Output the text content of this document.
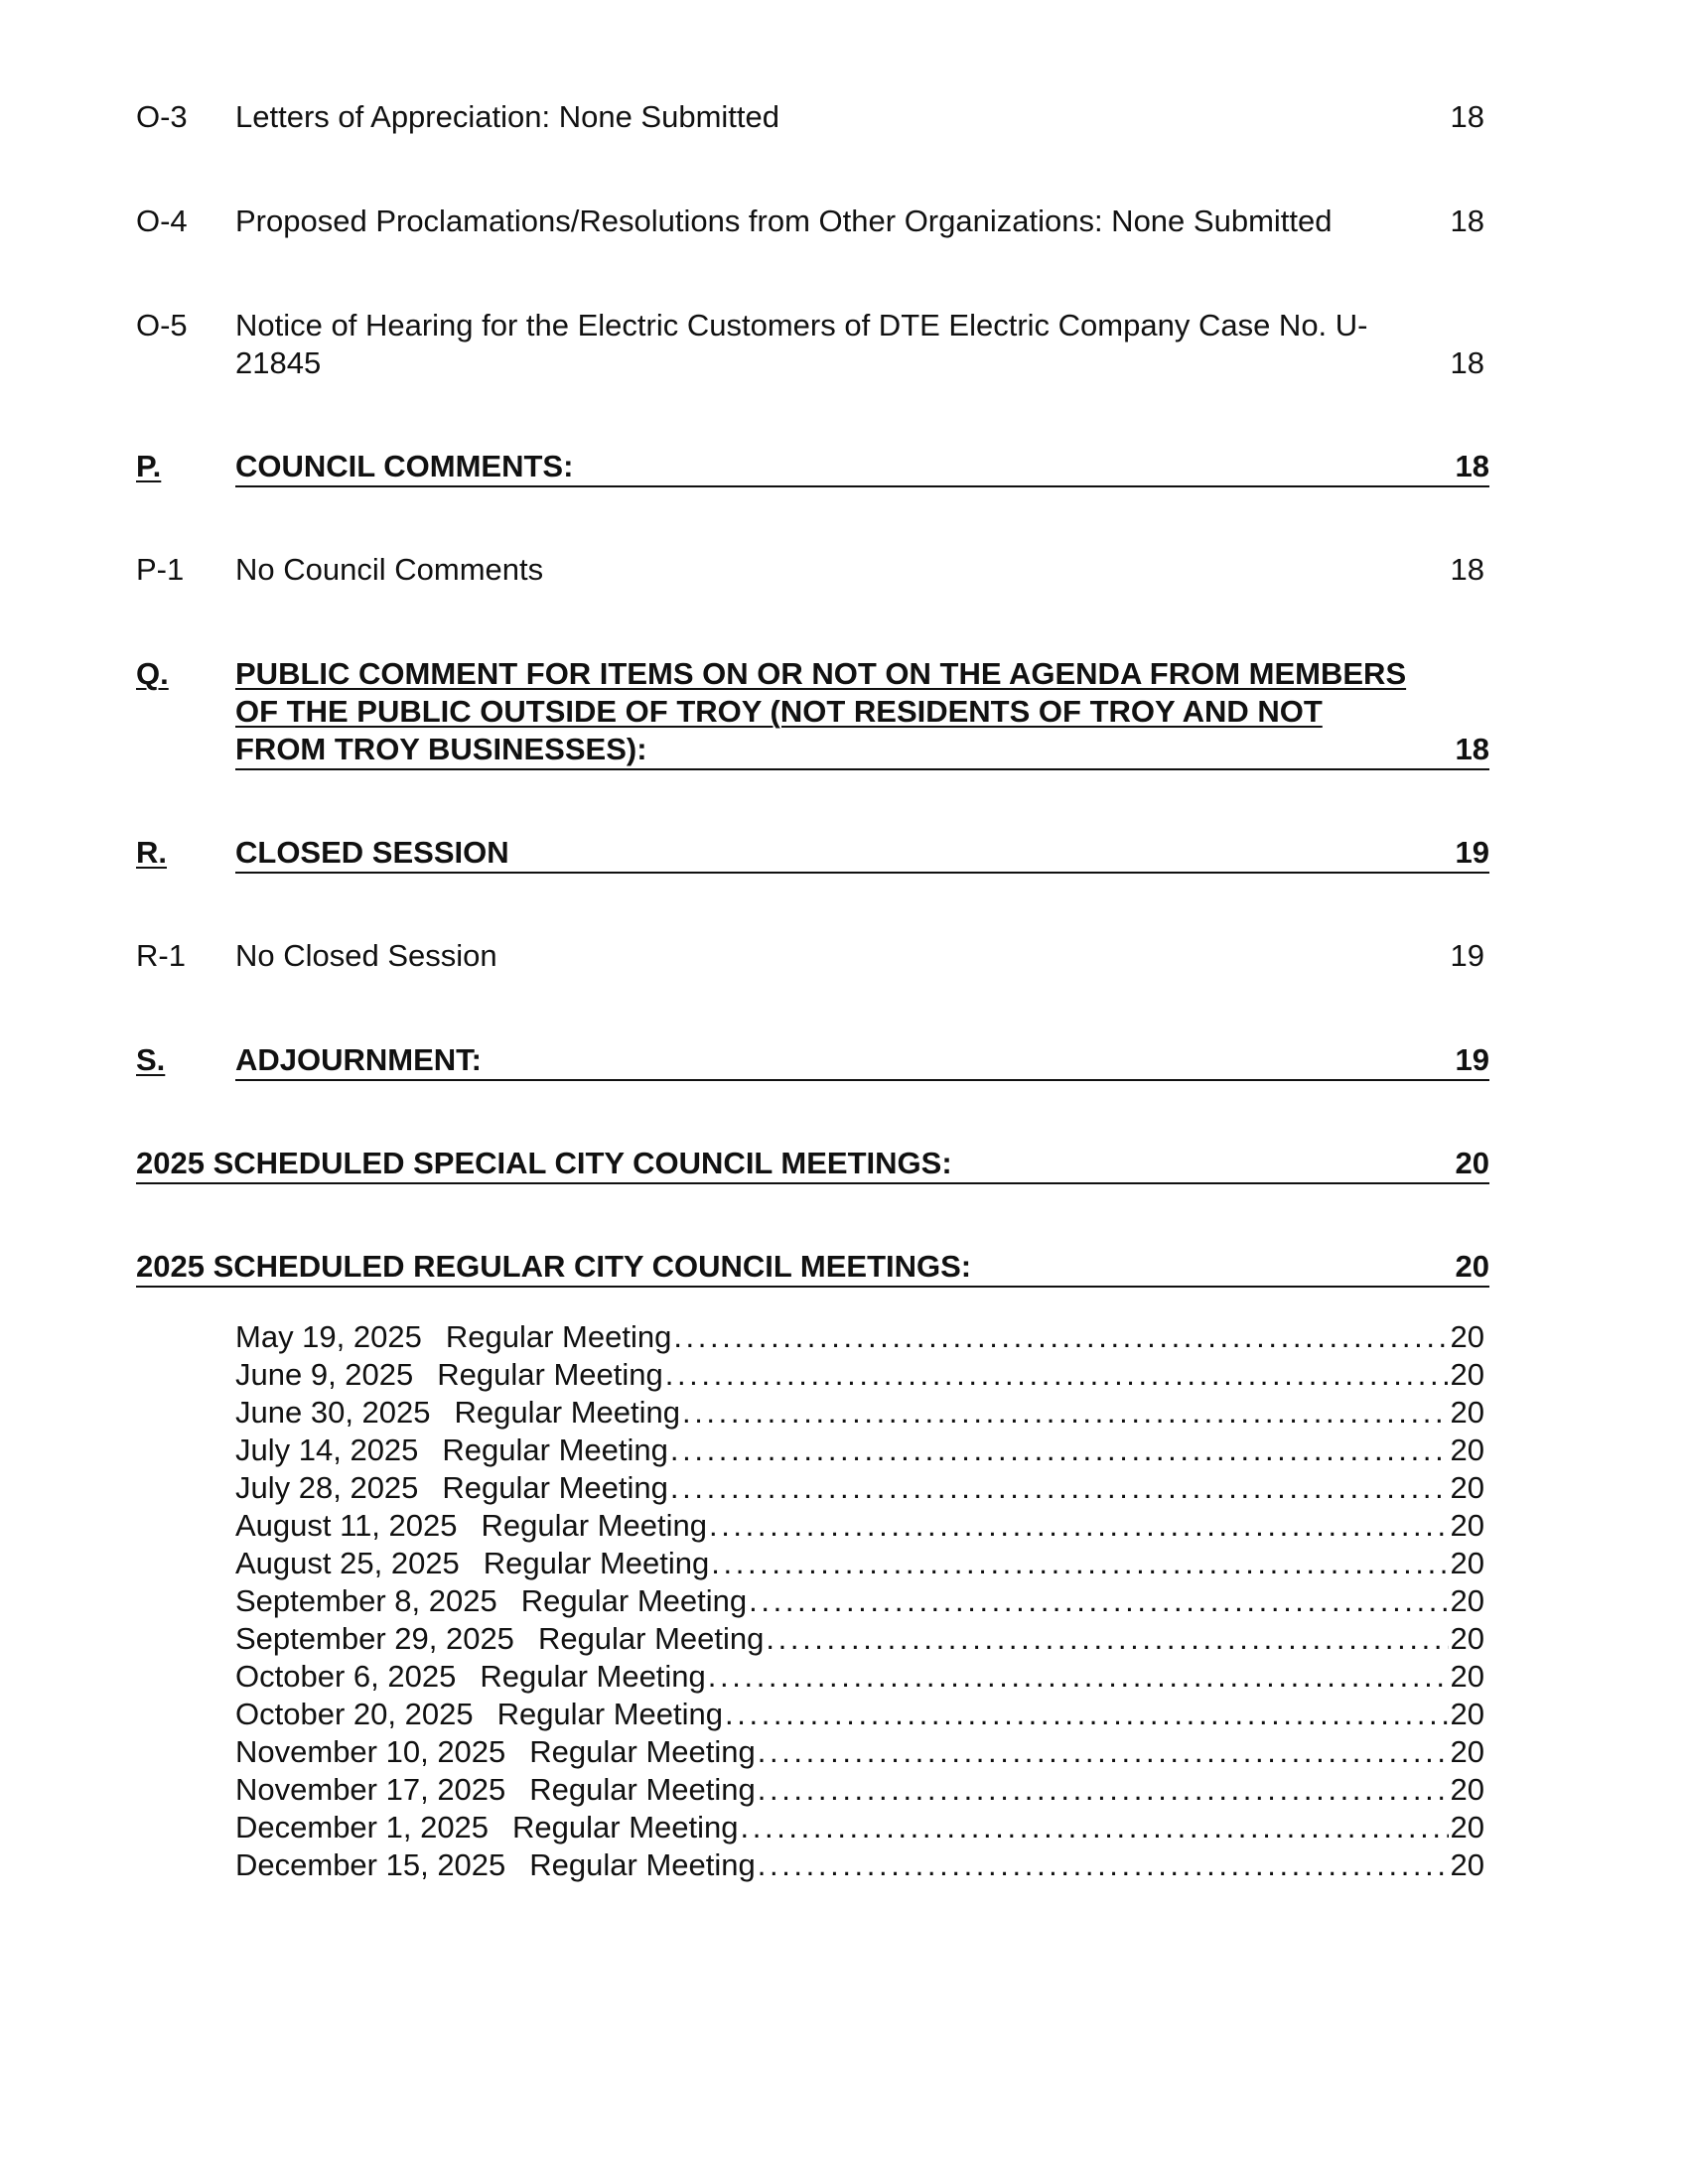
O-3 Letters of Appreciation: None Submitted	18
O-4 Proposed Proclamations/Resolutions from Other Organizations: None Submitted	18
O-5 Notice of Hearing for the Electric Customers of DTE Electric Company Case No. U-
21845	18
P. COUNCIL COMMENTS:	18
P-1 No Council Comments	18
Q. PUBLIC COMMENT FOR ITEMS ON OR NOT ON THE AGENDA FROM MEMBERS
OF THE PUBLIC OUTSIDE OF TROY (NOT RESIDENTS OF TROY AND NOT
FROM TROY BUSINESSES):	18
R. CLOSED SESSION	19
R-1 No Closed Session	19
S. ADJOURNMENT:	19
2025 SCHEDULED SPECIAL CITY COUNCIL MEETINGS:	20
2025 SCHEDULED REGULAR CITY COUNCIL MEETINGS:	20
May 19, 2025 Regular Meeting . . .	20
June 9, 2025 Regular Meeting . . .	20
June 30, 2025 Regular Meeting . . .	20
July 14, 2025 Regular Meeting . . .	20
July 28, 2025 Regular Meeting . . .	20
August 11, 2025 Regular Meeting . . .	20
August 25, 2025 Regular Meeting . . .	20
September 8, 2025 Regular Meeting . . .	20
September 29, 2025 Regular Meeting . . .	20
October 6, 2025 Regular Meeting . . .	20
October 20, 2025 Regular Meeting . . .	20
November 10, 2025 Regular Meeting . . .	20
November 17, 2025 Regular Meeting . . .	20
December 1, 2025 Regular Meeting . . .	20
December 15, 2025 Regular Meeting . . .	20
